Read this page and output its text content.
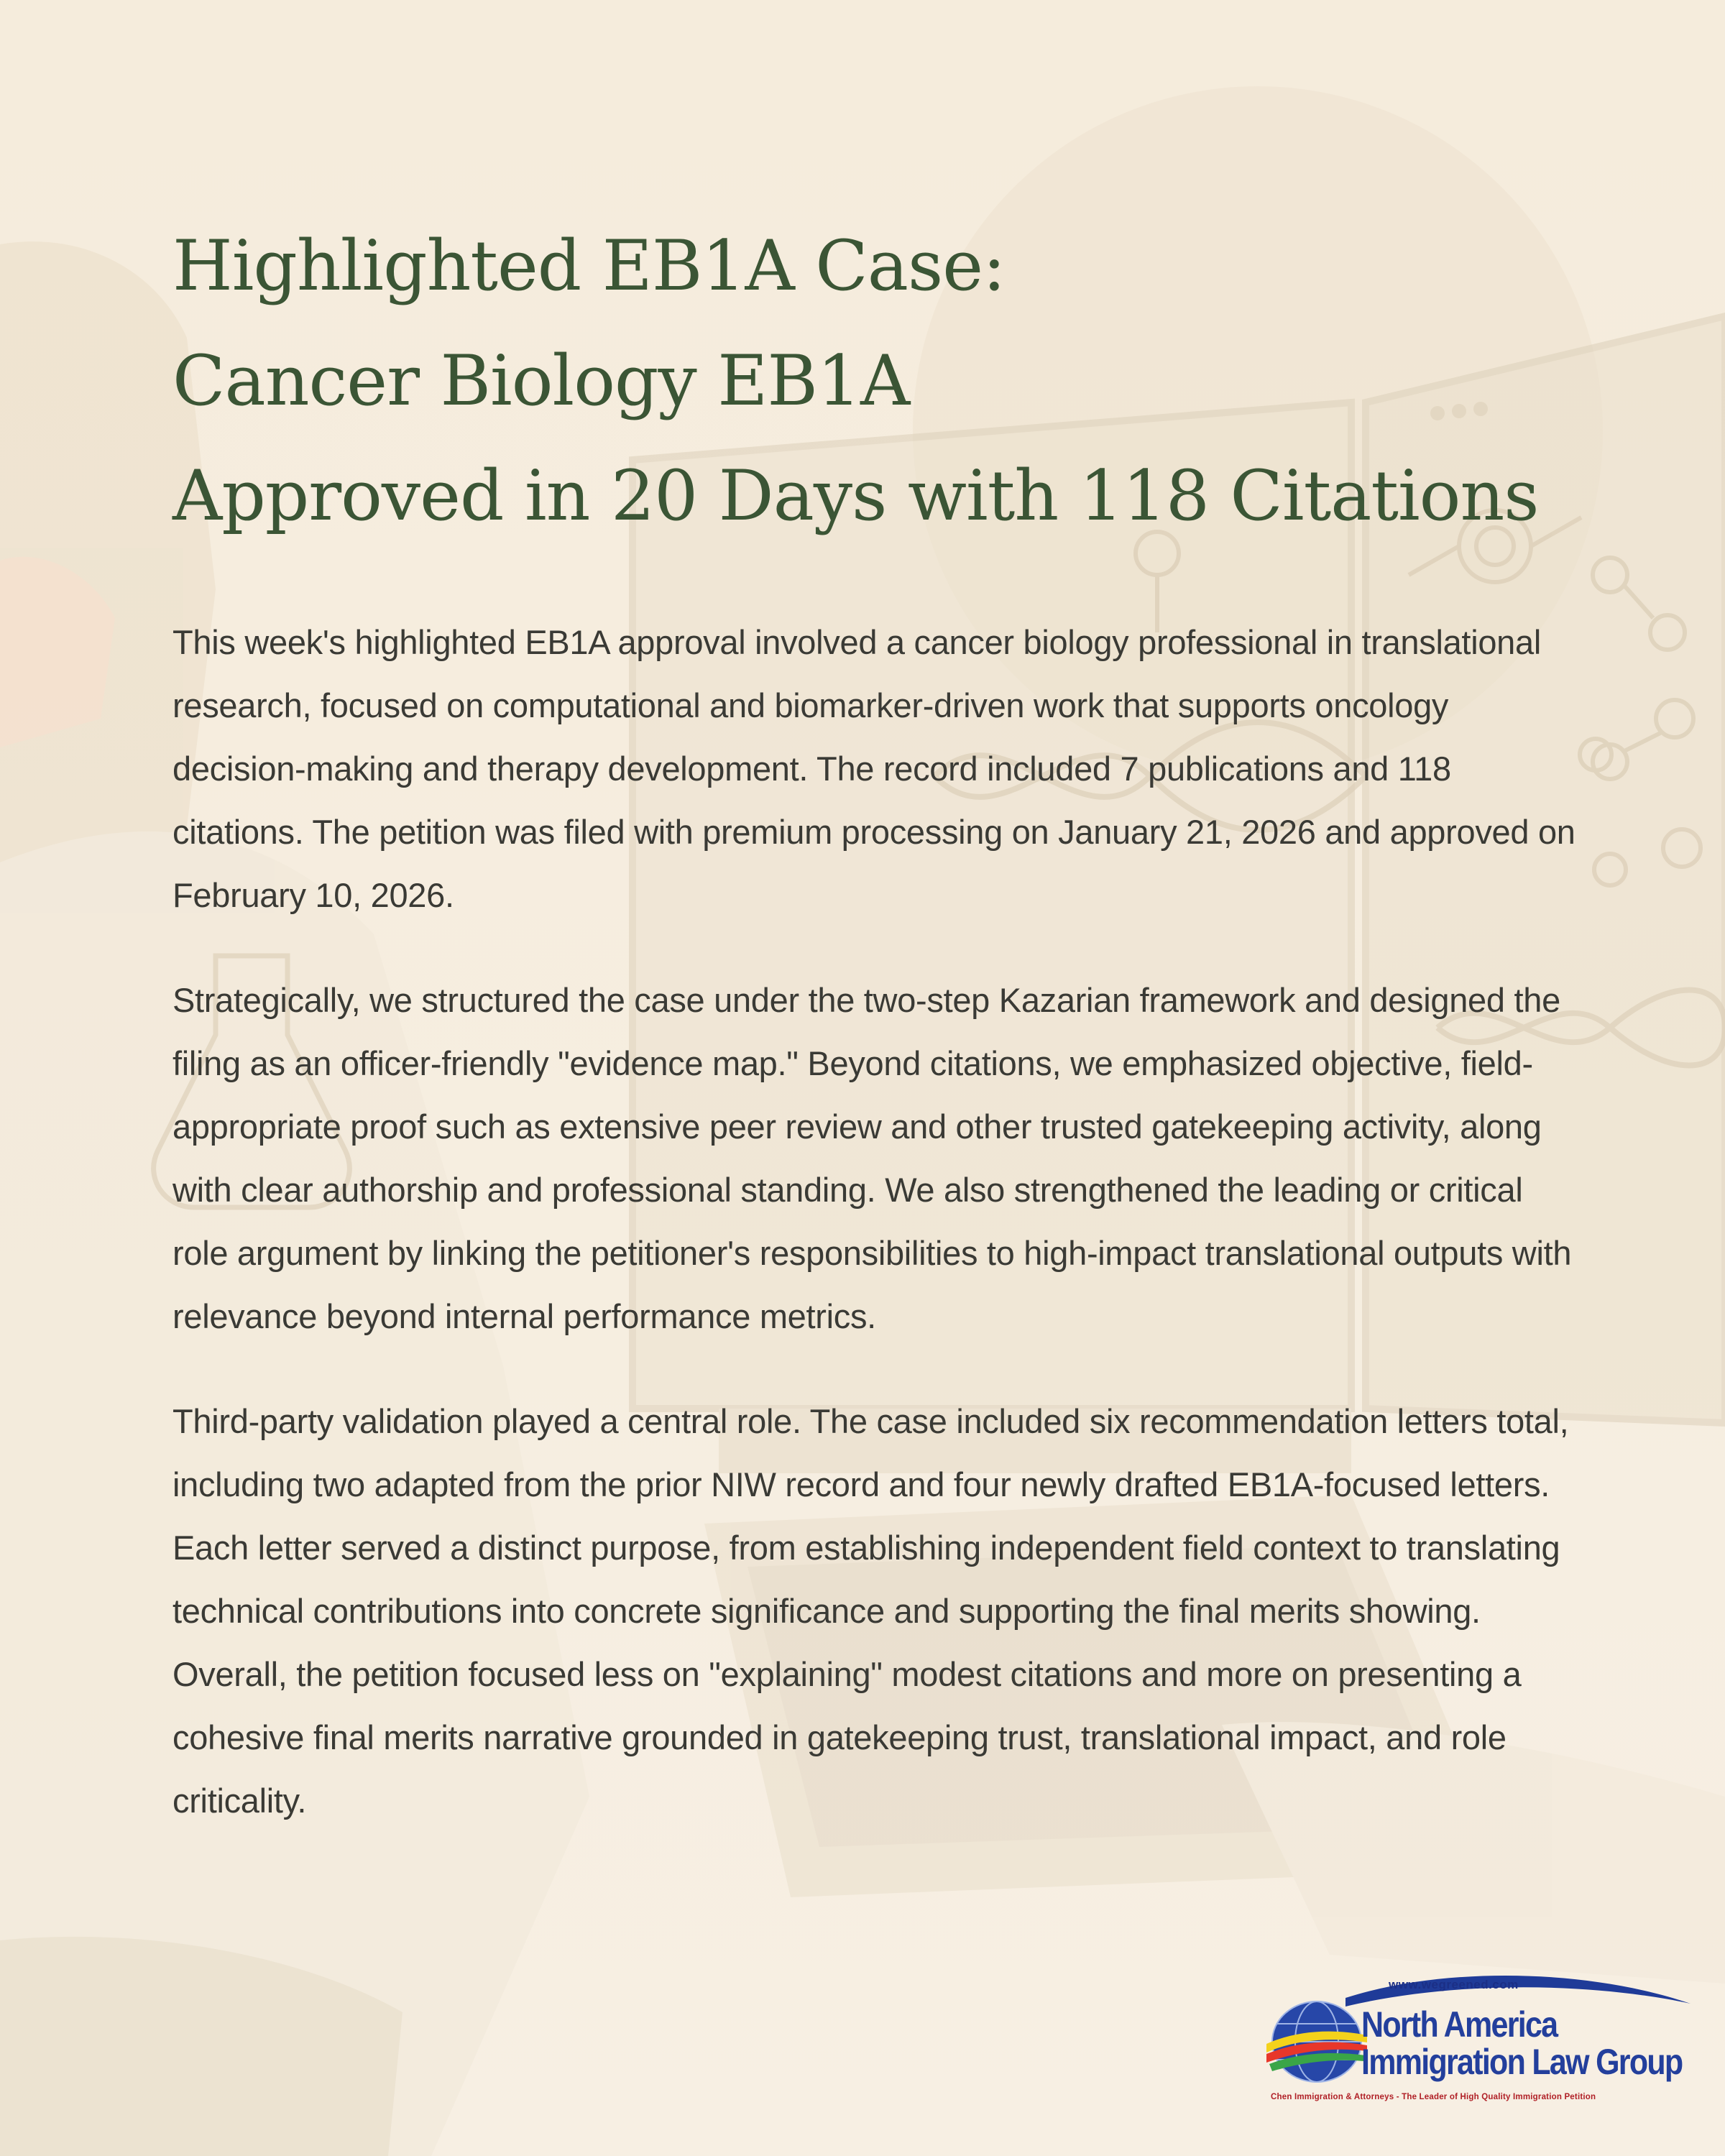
Highlighted EB1A Case:
Cancer Biology EB1A
Approved in 20 Days with 118 Citations

This week's highlighted EB1A approval involved a cancer biology professional in translational research, focused on computational and biomarker-driven work that supports oncology decision-making and therapy development. The record included 7 publications and 118 citations. The petition was filed with premium processing on January 21, 2026 and approved on February 10, 2026.

Strategically, we structured the case under the two-step Kazarian framework and designed the filing as an officer-friendly "evidence map." Beyond citations, we emphasized objective, field-appropriate proof such as extensive peer review and other trusted gatekeeping activity, along with clear authorship and professional standing. We also strengthened the leading or critical role argument by linking the petitioner's responsibilities to high-impact translational outputs with relevance beyond internal performance metrics.

Third-party validation played a central role. The case included six recommendation letters total, including two adapted from the prior NIW record and four newly drafted EB1A-focused letters. Each letter served a distinct purpose, from establishing independent field context to translating technical contributions into concrete significance and supporting the final merits showing. Overall, the petition focused less on "explaining" modest citations and more on presenting a cohesive final merits narrative grounded in gatekeeping trust, translational impact, and role criticality.

www.wegreened.com
North America
Immigration Law Group
Chen Immigration & Attorneys - The Leader of High Quality Immigration Petition
